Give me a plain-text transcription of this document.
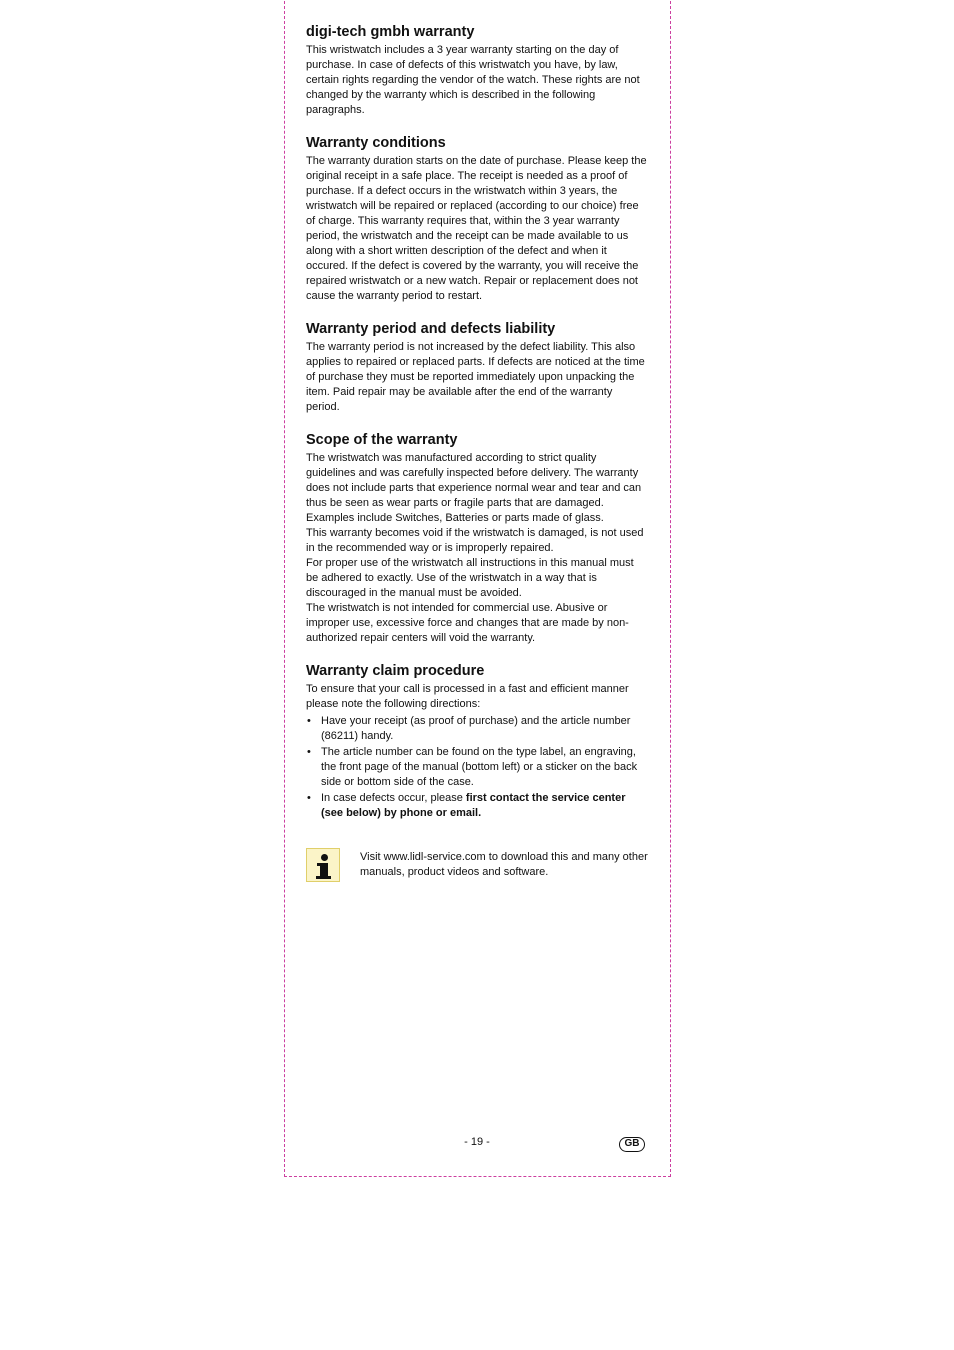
digi-tech gmbh warranty

This wristwatch includes a 3 year warranty starting on the day of purchase. In case of defects of this wristwatch you have, by law, certain rights regarding the vendor of the watch. These rights are not changed by the warranty which is described in the following paragraphs.

Warranty conditions

The warranty duration starts on the date of purchase. Please keep the original receipt in a safe place. The receipt is needed as a proof of purchase. If a defect occurs in the wristwatch within 3 years, the wristwatch will be repaired or replaced (according to our choice) free of charge. This warranty requires that, within the 3 year warranty period, the wristwatch and the receipt can be made available to us along with a short written description of the defect and when it occured. If the defect is covered by the warranty, you will receive the repaired wristwatch or a new watch. Repair or replacement does not cause the warranty period to restart.

Warranty period and defects liability

The warranty period is not increased by the defect liability. This also applies to repaired or replaced parts. If defects are noticed at the time of purchase they must be reported immediately upon unpacking the item. Paid repair may be available after the end of the warranty period.

Scope of the warranty

The wristwatch was manufactured according to strict quality guidelines and was carefully inspected before delivery. The warranty does not include parts that experience normal wear and tear and can thus be seen as wear parts or fragile parts that are damaged. Examples include Switches, Batteries or parts made of glass.

This warranty becomes void if the wristwatch is damaged, is not used in the recommended way or is improperly repaired.

For proper use of the wristwatch all instructions in this manual must be adhered to exactly. Use of the wristwatch in a way that is discouraged in the manual must be avoided.

The wristwatch is not intended for commercial use. Abusive or improper use, excessive force and changes that are made by non-authorized repair centers will void the warranty.

Warranty claim procedure

To ensure that your call is processed in a fast and efficient manner please note the following directions:

• Have your receipt (as proof of purchase) and the article number (86211) handy.
• The article number can be found on the type label, an engraving, the front page of the manual (bottom left) or a sticker on the back side or bottom side of the case.
• In case defects occur, please first contact the service center (see below) by phone or email.
Visit www.lidl-service.com to download this and many other manuals, product videos and software.
- 19 -	GB
